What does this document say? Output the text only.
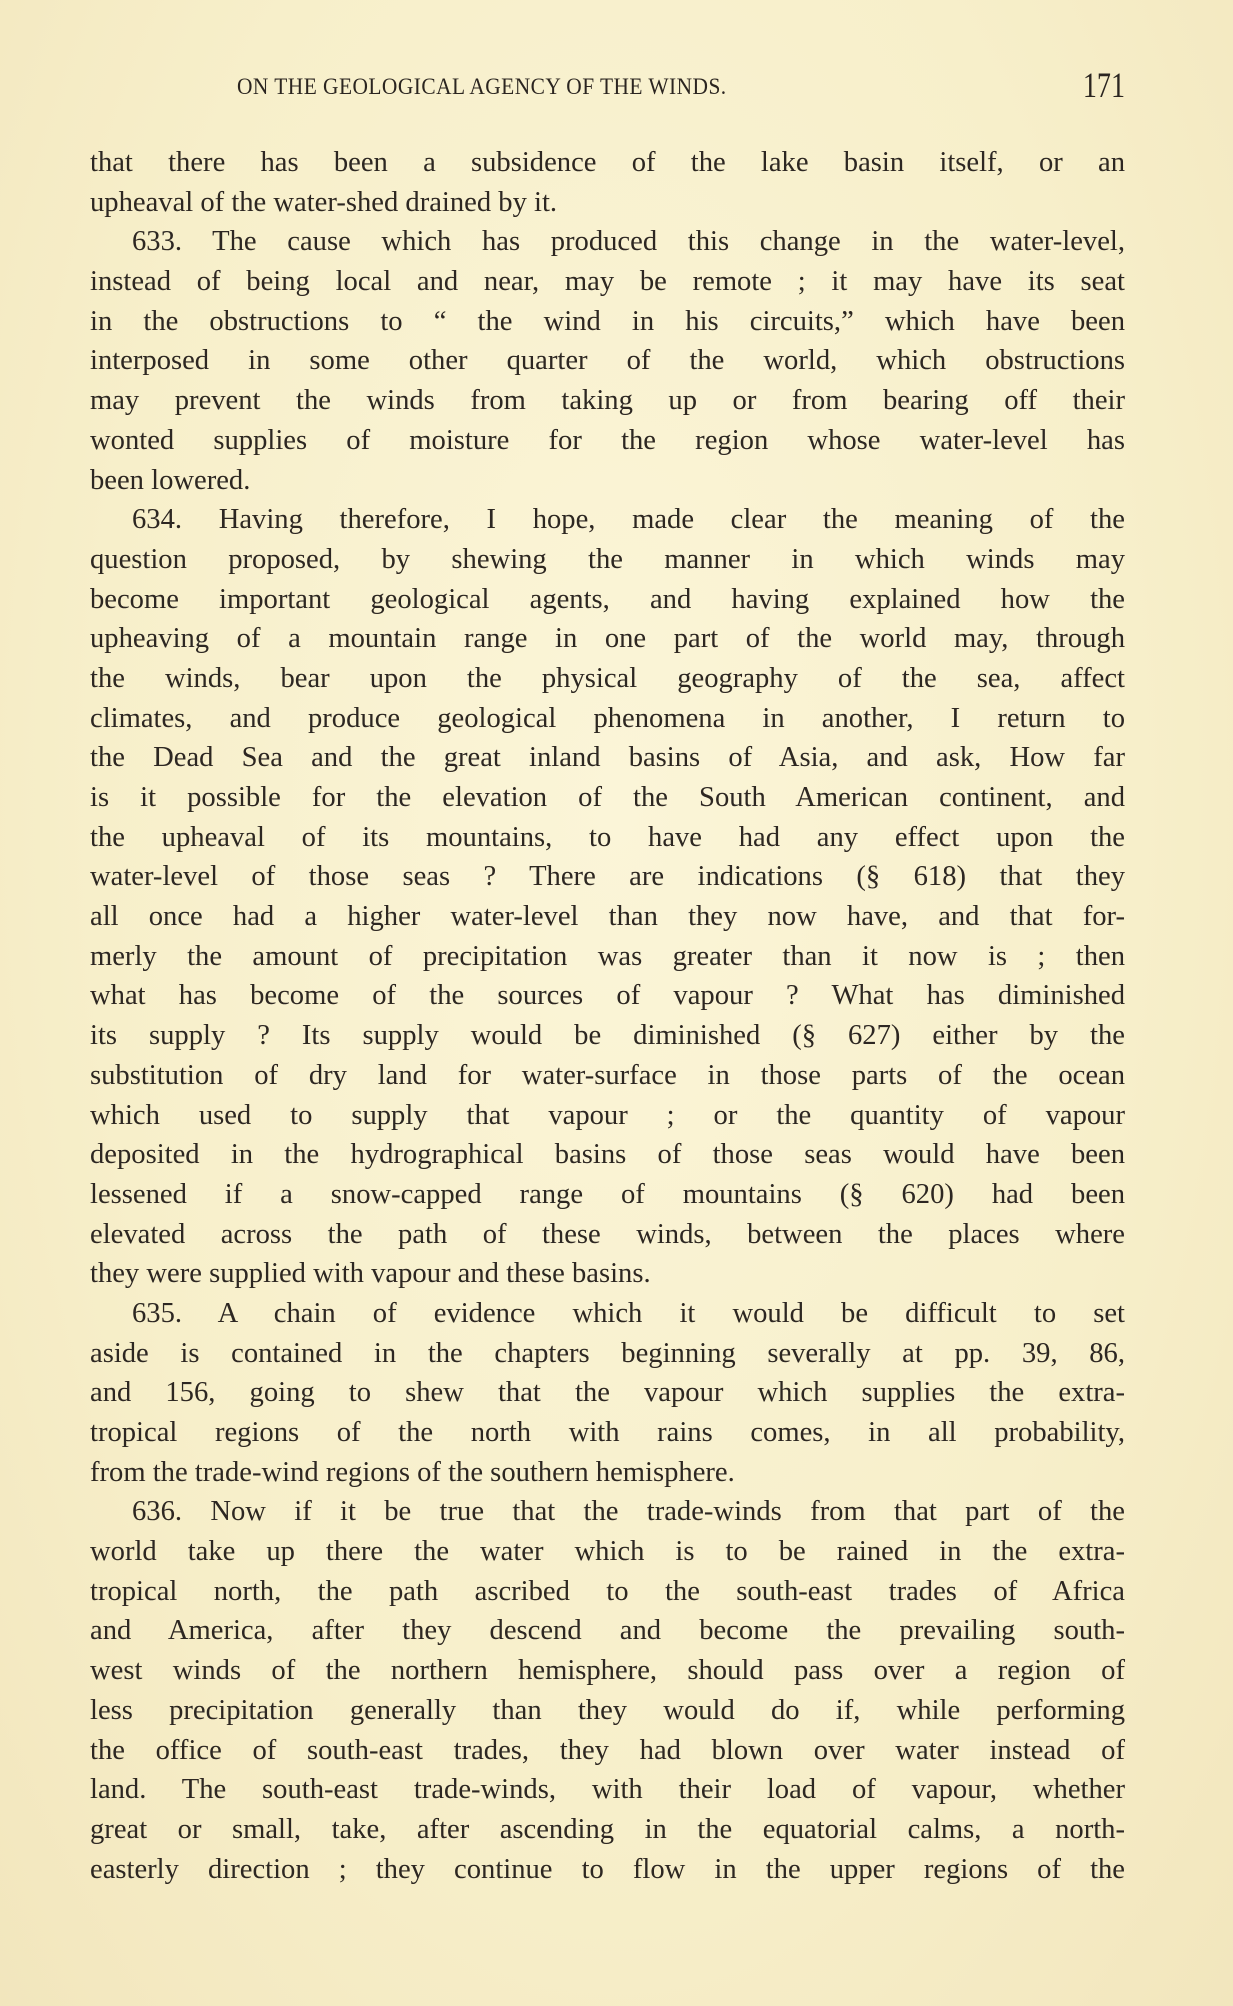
ON THE GEOLOGICAL AGENCY OF THE WINDS.	171
that there has been a subsidence of the lake basin itself, or an
upheaval of the water-shed drained by it.
633. The cause which has produced this change in the water-level,
instead of being local and near, may be remote ; it may have its seat
in the obstructions to “ the wind in his circuits,” which have been
interposed in some other quarter of the world, which obstructions
may prevent the winds from taking up or from bearing off their
wonted supplies of moisture for the region whose water-level has
been lowered.
634. Having therefore, I hope, made clear the meaning of the
question proposed, by shewing the manner in which winds may
become important geological agents, and having explained how the
upheaving of a mountain range in one part of the world may, through
the winds, bear upon the physical geography of the sea, affect
climates, and produce geological phenomena in another, I return to
the Dead Sea and the great inland basins of Asia, and ask, How far
is it possible for the elevation of the South American continent, and
the upheaval of its mountains, to have had any effect upon the
water-level of those seas ? There are indications (§ 618) that they
all once had a higher water-level than they now have, and that for-
merly the amount of precipitation was greater than it now is ; then
what has become of the sources of vapour ? What has diminished
its supply ? Its supply would be diminished (§ 627) either by the
substitution of dry land for water-surface in those parts of the ocean
which used to supply that vapour ; or the quantity of vapour
deposited in the hydrographical basins of those seas would have been
lessened if a snow-capped range of mountains (§ 620) had been
elevated across the path of these winds, between the places where
they were supplied with vapour and these basins.
635. A chain of evidence which it would be difficult to set
aside is contained in the chapters beginning severally at pp. 39, 86,
and 156, going to shew that the vapour which supplies the extra-
tropical regions of the north with rains comes, in all probability,
from the trade-wind regions of the southern hemisphere.
636. Now if it be true that the trade-winds from that part of the
world take up there the water which is to be rained in the extra-
tropical north, the path ascribed to the south-east trades of Africa
and America, after they descend and become the prevailing south-
west winds of the northern hemisphere, should pass over a region of
less precipitation generally than they would do if, while performing
the office of south-east trades, they had blown over water instead of
land. The south-east trade-winds, with their load of vapour, whether
great or small, take, after ascending in the equatorial calms, a north-
easterly direction ; they continue to flow in the upper regions of the
